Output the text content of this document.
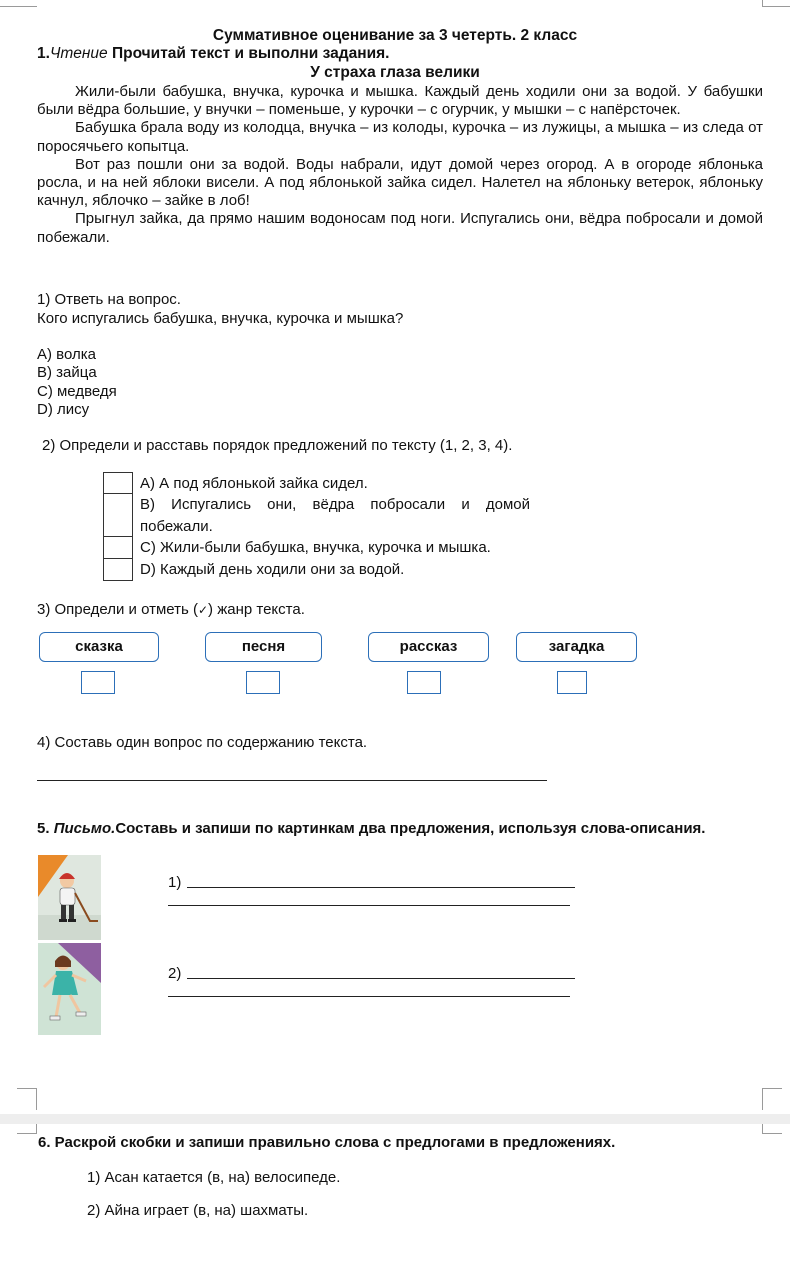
Суммативное оценивание за 3 четерть. 2 класс
1.Чтение Прочитай текст и выполни задания.
У страха глаза велики

Жили-были бабушка, внучка, курочка и мышка. Каждый день ходили они за водой. У бабушки были вёдра большие, у внучки – поменьше, у курочки – с огурчик, у мышки – с напёрсточек.

Бабушка брала воду из колодца, внучка – из колоды, курочка – из лужицы, а мышка – из следа от поросячьего копытца.

Вот раз пошли они за водой. Воды набрали, идут домой через огород. А в огороде яблонька росла, и на ней яблоки висели. А под яблонькой зайка сидел. Налетел на яблоньку ветерок, яблоньку качнул, яблочко – зайке в лоб!

Прыгнул зайка, да прямо нашим водоносам под ноги. Испугались они, вёдра побросали и домой побежали.

1) Ответь на вопрос.
Кого испугались бабушка, внучка, курочка и мышка?
A) волка
B) зайца
C) медведя
D) лису
2) Определи и расставь порядок предложений по тексту (1, 2, 3, 4).
A) А под яблонькой зайка сидел.
B) Испугались они, вёдра побросали и домой побежали.
C) Жили-были бабушка, внучка, курочка и мышка.
D) Каждый день ходили они за водой.
3) Определи и отметь (✓) жанр текста.
сказка	песня	рассказ	загадка
4) Составь один вопрос по содержанию текста.
5. Письмо.Составь и запиши по картинкам два предложения, используя слова-описания.
1)
2)
6. Раскрой скобки и запиши правильно слова с предлогами в предложениях.
1) Асан катается (в, на) велосипеде.
2) Айна играет (в, на) шахматы.
